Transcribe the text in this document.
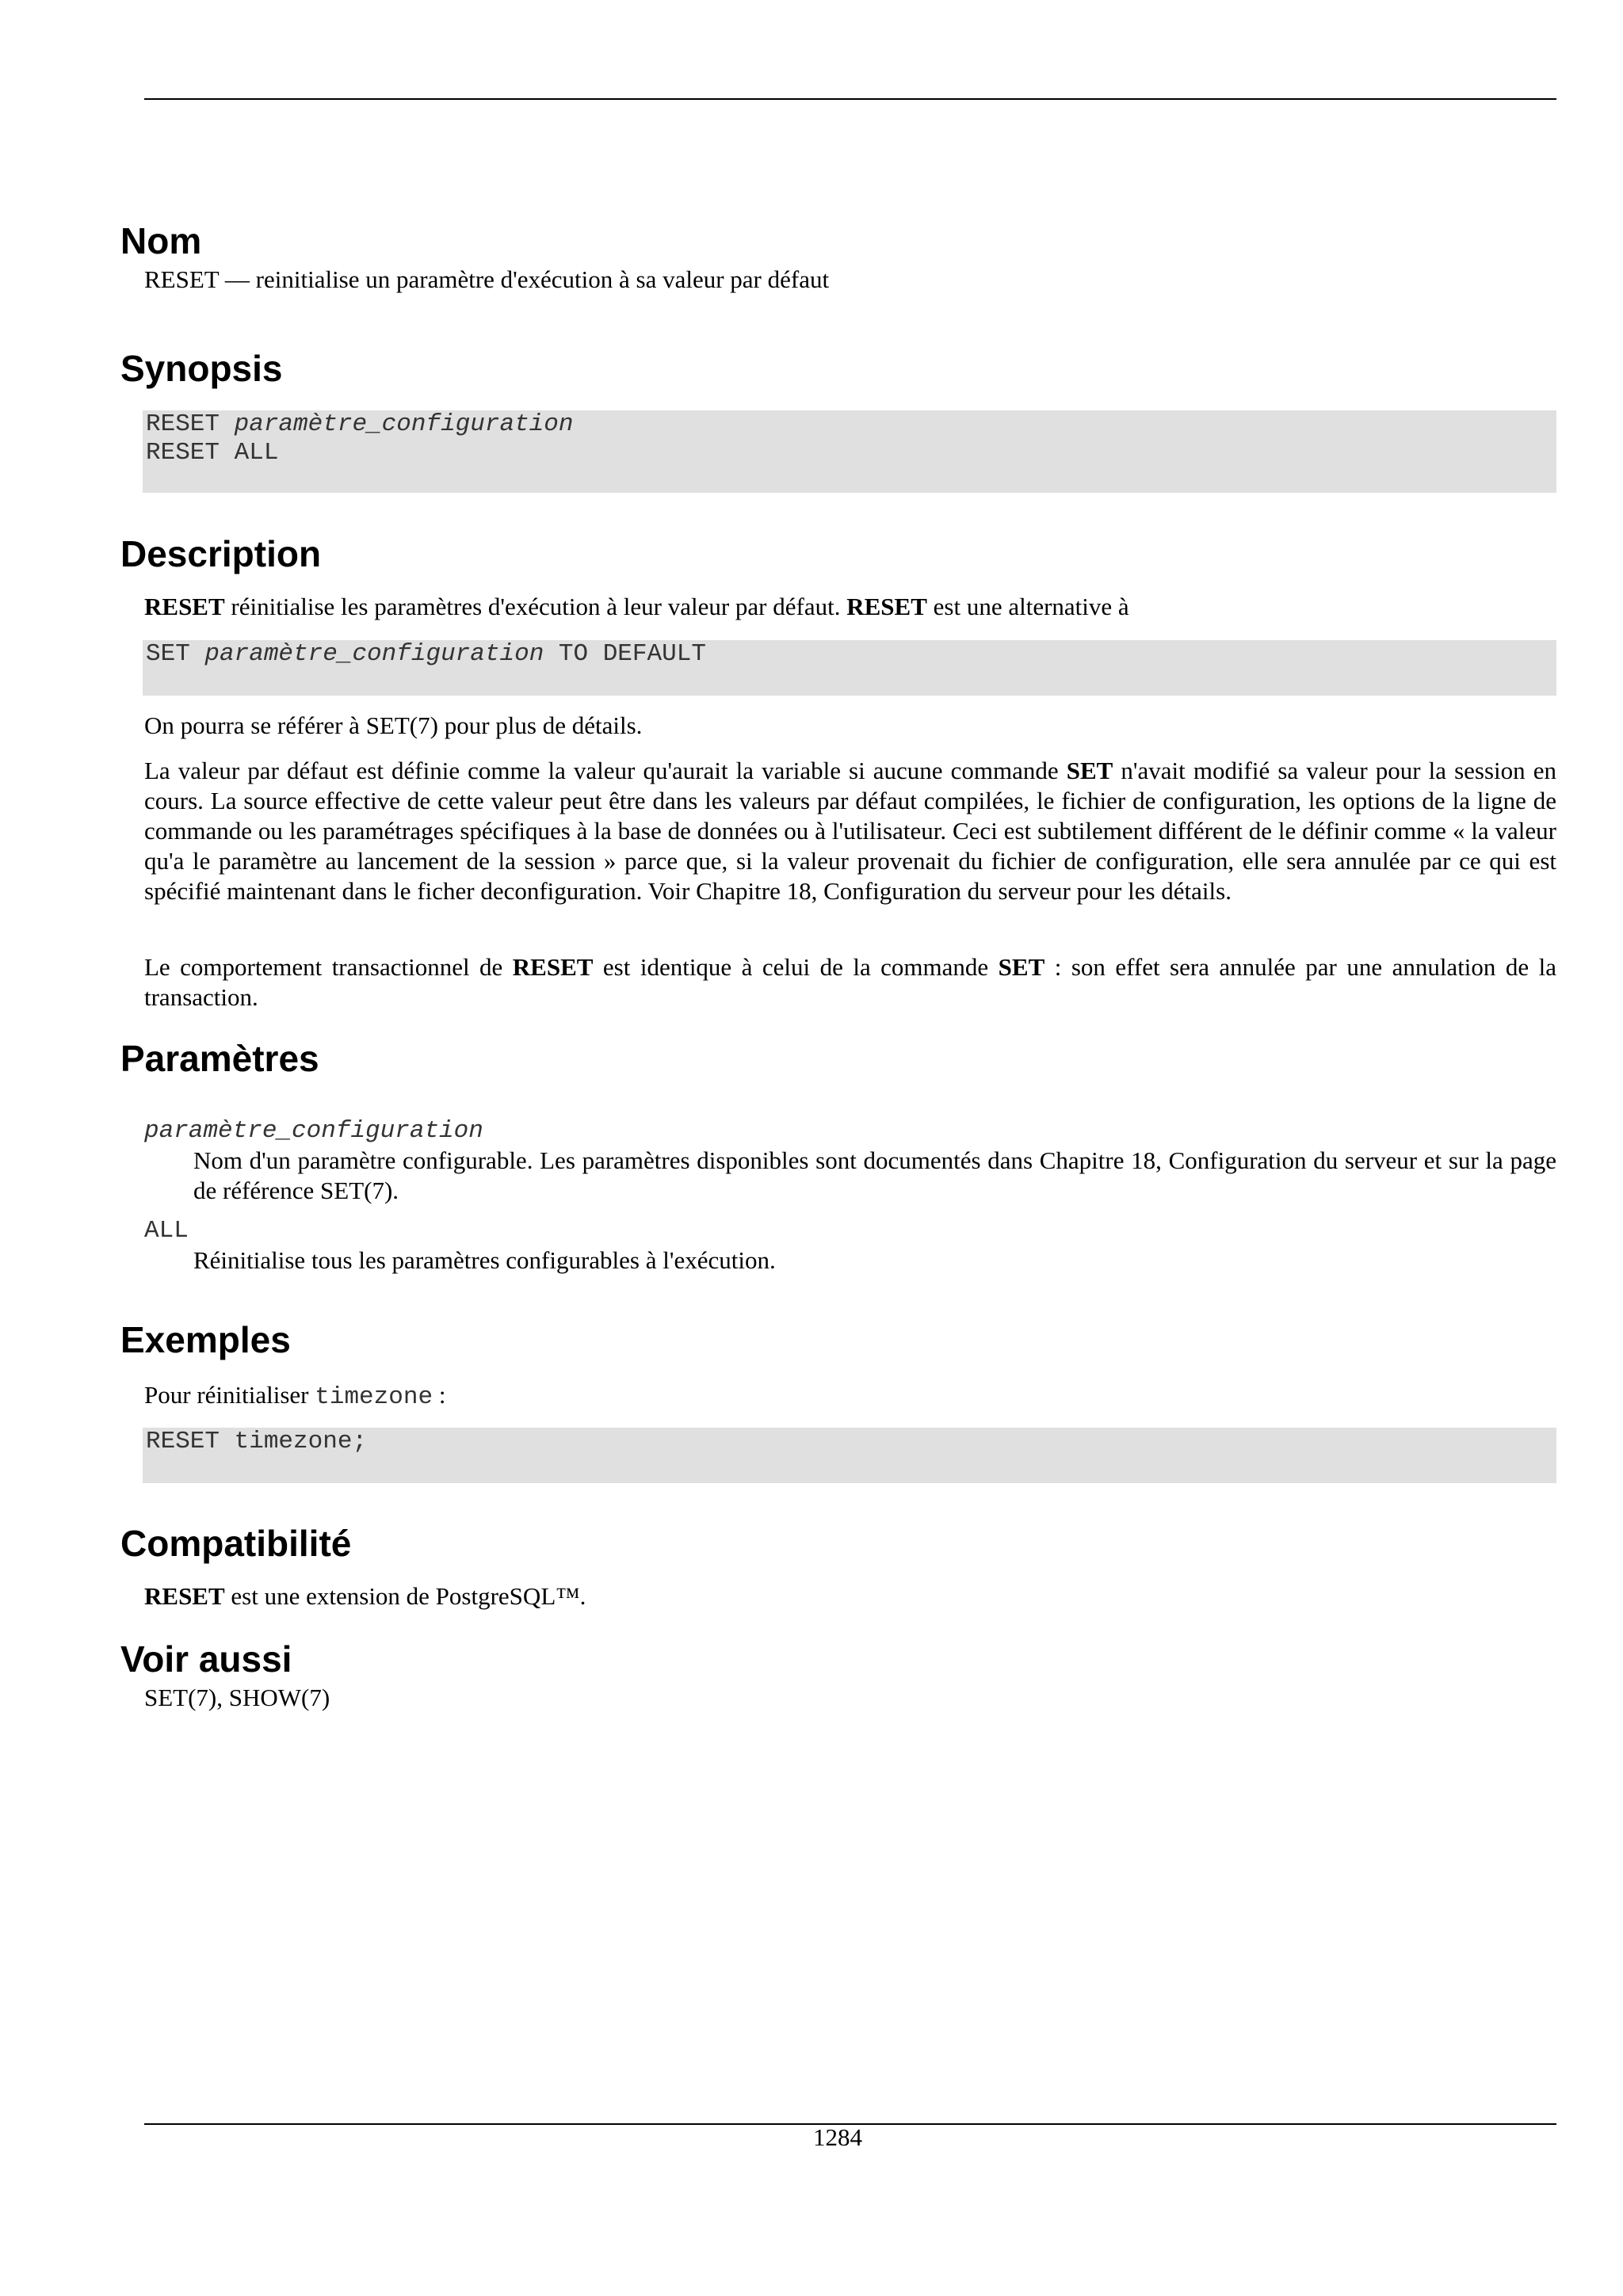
Nom

RESET — reinitialise un paramètre d'exécution à sa valeur par défaut

Synopsis
RESET paramètre_configuration
RESET ALL
Description

RESET réinitialise les paramètres d'exécution à leur valeur par défaut. RESET est une alternative à

SET paramètre_configuration TO DEFAULT

On pourra se référer à SET(7) pour plus de détails.

La valeur par défaut est définie comme la valeur qu'aurait la variable si aucune commande SET n'avait modifié sa valeur pour la session en cours. La source effective de cette valeur peut être dans les valeurs par défaut compilées, le fichier de configuration, les options de la ligne de commande ou les paramétrages spécifiques à la base de données ou à l'utilisateur. Ceci est subtilement différent de le définir comme « la valeur qu'a le paramètre au lancement de la session » parce que, si la valeur provenait du fichier de configuration, elle sera annulée par ce qui est spécifié maintenant dans le ficher deconfiguration. Voir Chapitre 18, Configuration du serveur pour les détails.

Le comportement transactionnel de RESET est identique à celui de la commande SET : son effet sera annulée par une annulation de la transaction.

Paramètres
paramètre_configuration

Nom d'un paramètre configurable. Les paramètres disponibles sont documentés dans Chapitre 18, Configuration du serveur et sur la page de référence SET(7).

ALL

Réinitialise tous les paramètres configurables à l'exécution.

Exemples

Pour réinitialiser timezone :

RESET timezone;
Compatibilité

RESET est une extension de PostgreSQL™.

Voir aussi

SET(7), SHOW(7)

1284
